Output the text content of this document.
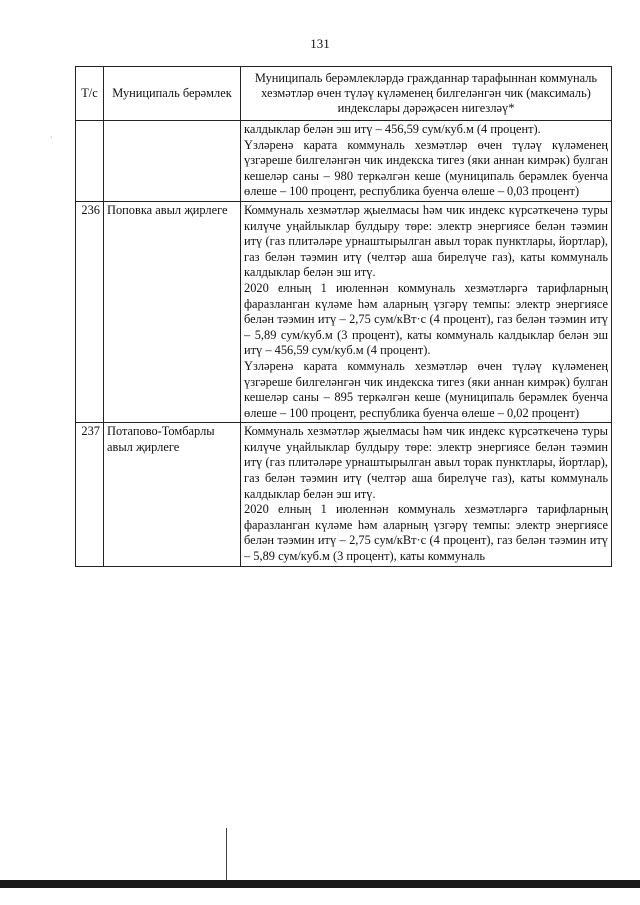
131
·
Т/с	Муниципаль берәмлек	Муниципаль берәмлекләрдә гражданнар тарафыннан коммуналь хезмәтләр өчен түләү күләменең билгеләнгән чик (максималь) индекслары дәрәҗәсен нигезләү*

		калдыклар белән эш итү – 456,59 сум/куб.м (4 процент).

Үзләренә карата коммуналь хезмәтләр өчен түләү күләменең үзгәреше билгеләнгән чик индекска тигез (яки аннан кимрәк) булган кешеләр саны – 980 теркәлгән кеше (муниципаль берәмлек буенча өлеше – 100 процент, республика буенча өлеше – 0,03 процент)

236	Поповка авыл җирлеге	Коммуналь хезмәтләр җыелмасы һәм чик индекс күрсәткеченә туры килүче уңайлыклар булдыру төре: электр энергиясе белән тәэмин итү (газ плитәләре урнаштырылган авыл торак пунктлары, йортлар), газ белән тәэмин итү (челтәр аша бирелүче газ), каты коммуналь калдыклар белән эш итү.

2020 елның 1 июленнән коммуналь хезмәтләргә тарифларның фаразланган күләме һәм аларның үзгәрү темпы: электр энергиясе белән тәэмин итү – 2,75 сум/кВт·с (4 процент), газ белән тәэмин итү – 5,89 сум/куб.м (3 процент), каты коммуналь калдыклар белән эш итү – 456,59 сум/куб.м (4 процент).

Үзләренә карата коммуналь хезмәтләр өчен түләү күләменең үзгәреше билгеләнгән чик индекска тигез (яки аннан кимрәк) булган кешеләр саны – 895 теркәлгән кеше (муниципаль берәмлек буенча өлеше – 100 процент, республика буенча өлеше – 0,02 процент)

237	Потапово-Томбарлы авыл җирлеге	Коммуналь хезмәтләр җыелмасы һәм чик индекс күрсәткеченә туры килүче уңайлыклар булдыру төре: электр энергиясе белән тәэмин итү (газ плитәләре урнаштырылган авыл торак пунктлары, йортлар), газ белән тәэмин итү (челтәр аша бирелүче газ), каты коммуналь калдыклар белән эш итү.

2020 елның 1 июленнән коммуналь хезмәтләргә тарифларның фаразланган күләме һәм аларның үзгәрү темпы: электр энергиясе белән тәэмин итү – 2,75 сум/кВт·с (4 процент), газ белән тәэмин итү – 5,89 сум/куб.м (3 процент), каты коммуналь
